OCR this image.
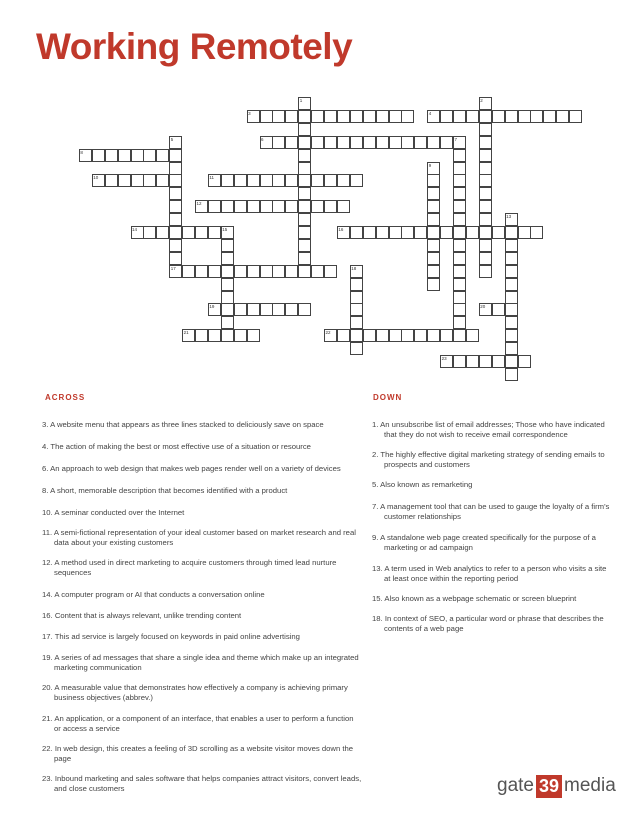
Working Remotely
1	2
3	4
5	6	7
8
9
10	11
12
13
14	15	16
17	18
19	20
21	22
23
ACROSS	DOWN

3. A website menu that appears as three lines stacked to deliciously save on space

4. The action of making the best or most effective use of a situation or resource

6. An approach to web design that makes web pages render well on a variety of devices

8. A short, memorable description that becomes identified with a product

10. A seminar conducted over the Internet

11. A semi-fictional representation of your ideal customer based on market research and real data about your existing customers

12. A method used in direct marketing to acquire customers through timed lead nurture sequences

14. A computer program or AI that conducts a conversation online

16. Content that is always relevant, unlike trending content

17. This ad service is largely focused on keywords in paid online advertising

19. A series of ad messages that share a single idea and theme which make up an integrated marketing communication

20. A measurable value that demonstrates how effectively a company is achieving primary business objectives (abbrev.)

21. An application, or a component of an interface, that enables a user to perform a function or access a service

22. In web design, this creates a feeling of 3D scrolling as a website visitor moves down the page

23. Inbound marketing and sales software that helps companies attract visitors, convert leads, and close customers

1. An unsubscribe list of email addresses; Those who have indicated that they do not wish to receive email correspondence

2. The highly effective digital marketing strategy of sending emails to prospects and customers

5. Also known as remarketing

7. A management tool that can be used to gauge the loyalty of a firm's customer relationships

9. A standalone web page created specifically for the purpose of a marketing or ad campaign

13. A term used in Web analytics to refer to a person who visits a site at least once within the reporting period

15. Also known as a webpage schematic or screen blueprint

18. In context of SEO, a particular word or phrase that describes the contents of a web page

gate 39 media
